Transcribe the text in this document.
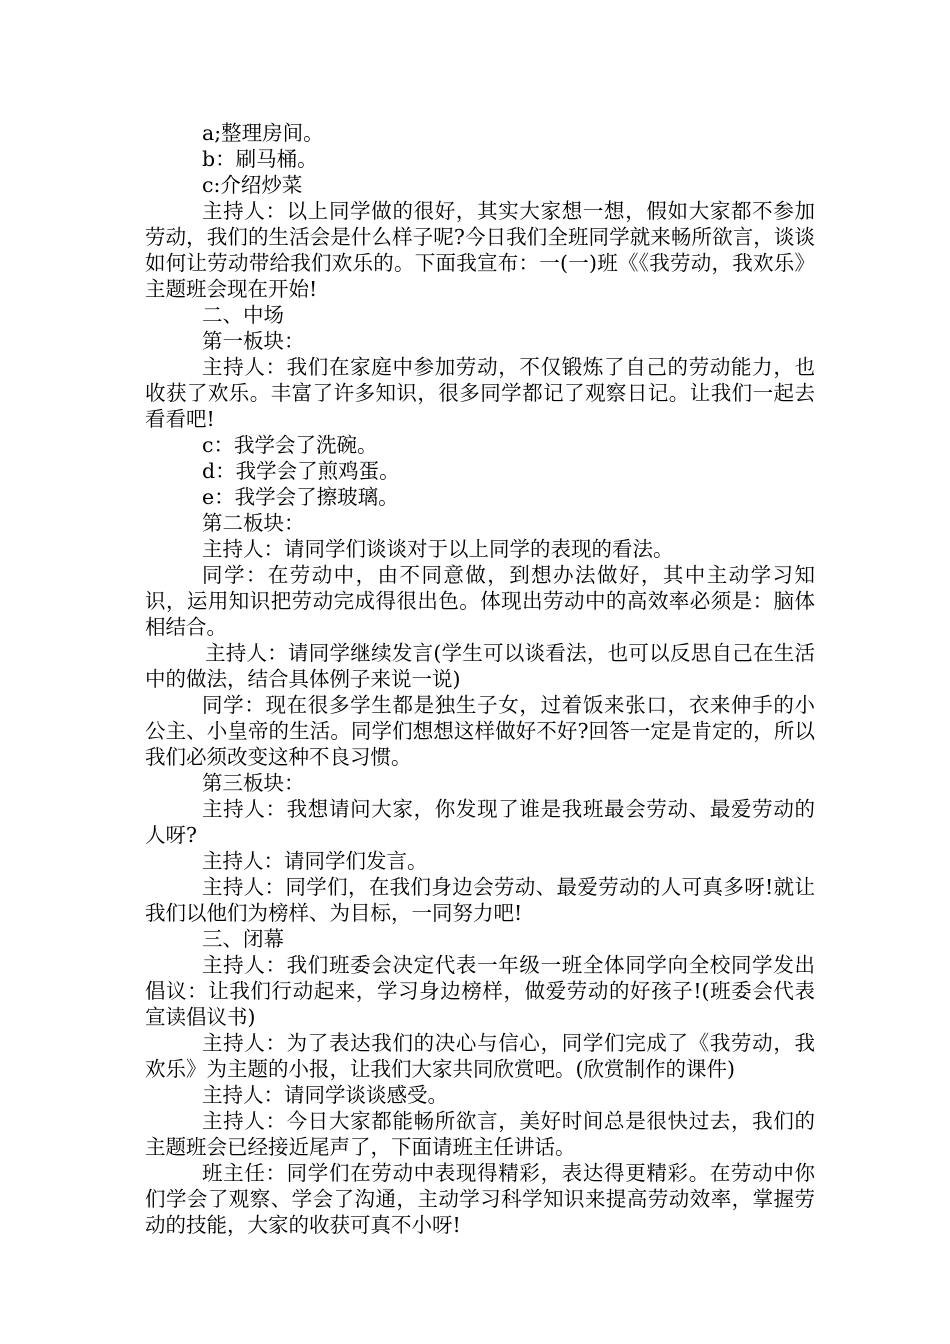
a;整理房间。

b：刷马桶。

c:介绍炒菜

主持人：以上同学做的很好，其实大家想一想，假如大家都不参加劳动，我们的生活会是什么样子呢?今日我们全班同学就来畅所欲言，谈谈如何让劳动带给我们欢乐的。下面我宣布：一(一)班《《我劳动，我欢乐》主题班会现在开始!

二、中场

第一板块：

主持人：我们在家庭中参加劳动，不仅锻炼了自己的劳动能力，也收获了欢乐。丰富了许多知识，很多同学都记了观察日记。让我们一起去看看吧!

c：我学会了洗碗。

d：我学会了煎鸡蛋。

e：我学会了擦玻璃。

第二板块：

主持人：请同学们谈谈对于以上同学的表现的看法。

同学：在劳动中，由不同意做，到想办法做好，其中主动学习知识，运用知识把劳动完成得很出色。体现出劳动中的高效率必须是：脑体相结合。

主持人：请同学继续发言(学生可以谈看法，也可以反思自己在生活中的做法，结合具体例子来说一说)

同学：现在很多学生都是独生子女，过着饭来张口，衣来伸手的小公主、小皇帝的生活。同学们想想这样做好不好?回答一定是肯定的，所以我们必须改变这种不良习惯。

第三板块：

主持人：我想请问大家，你发现了谁是我班最会劳动、最爱劳动的人呀?

主持人：请同学们发言。

主持人：同学们，在我们身边会劳动、最爱劳动的人可真多呀!就让我们以他们为榜样、为目标，一同努力吧!

三、闭幕

主持人：我们班委会决定代表一年级一班全体同学向全校同学发出倡议：让我们行动起来，学习身边榜样，做爱劳动的好孩子!(班委会代表宣读倡议书)

主持人：为了表达我们的决心与信心，同学们完成了《我劳动，我欢乐》为主题的小报，让我们大家共同欣赏吧。(欣赏制作的课件)

主持人：请同学谈谈感受。

主持人：今日大家都能畅所欲言，美好时间总是很快过去，我们的主题班会已经接近尾声了，下面请班主任讲话。

班主任：同学们在劳动中表现得精彩，表达得更精彩。在劳动中你们学会了观察、学会了沟通，主动学习科学知识来提高劳动效率，掌握劳动的技能，大家的收获可真不小呀!
